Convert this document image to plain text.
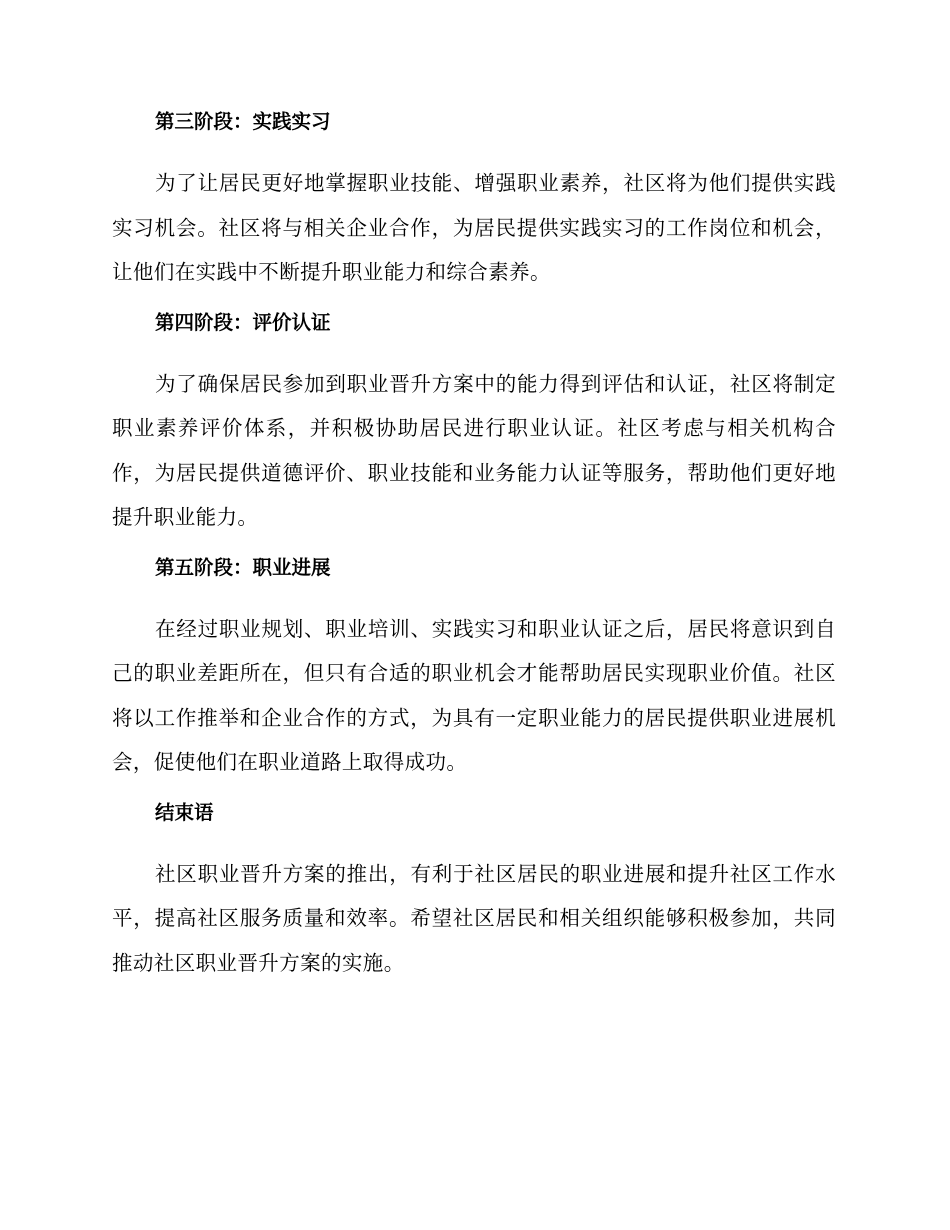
第三阶段：实践实习

为了让居民更好地掌握职业技能、增强职业素养，社区将为他们提供实践实习机会。社区将与相关企业合作，为居民提供实践实习的工作岗位和机会，让他们在实践中不断提升职业能力和综合素养。

第四阶段：评价认证

为了确保居民参加到职业晋升方案中的能力得到评估和认证，社区将制定职业素养评价体系，并积极协助居民进行职业认证。社区考虑与相关机构合作，为居民提供道德评价、职业技能和业务能力认证等服务，帮助他们更好地提升职业能力。

第五阶段：职业进展

在经过职业规划、职业培训、实践实习和职业认证之后，居民将意识到自己的职业差距所在，但只有合适的职业机会才能帮助居民实现职业价值。社区将以工作推举和企业合作的方式，为具有一定职业能力的居民提供职业进展机会，促使他们在职业道路上取得成功。

结束语

社区职业晋升方案的推出，有利于社区居民的职业进展和提升社区工作水平，提高社区服务质量和效率。希望社区居民和相关组织能够积极参加，共同推动社区职业晋升方案的实施。
